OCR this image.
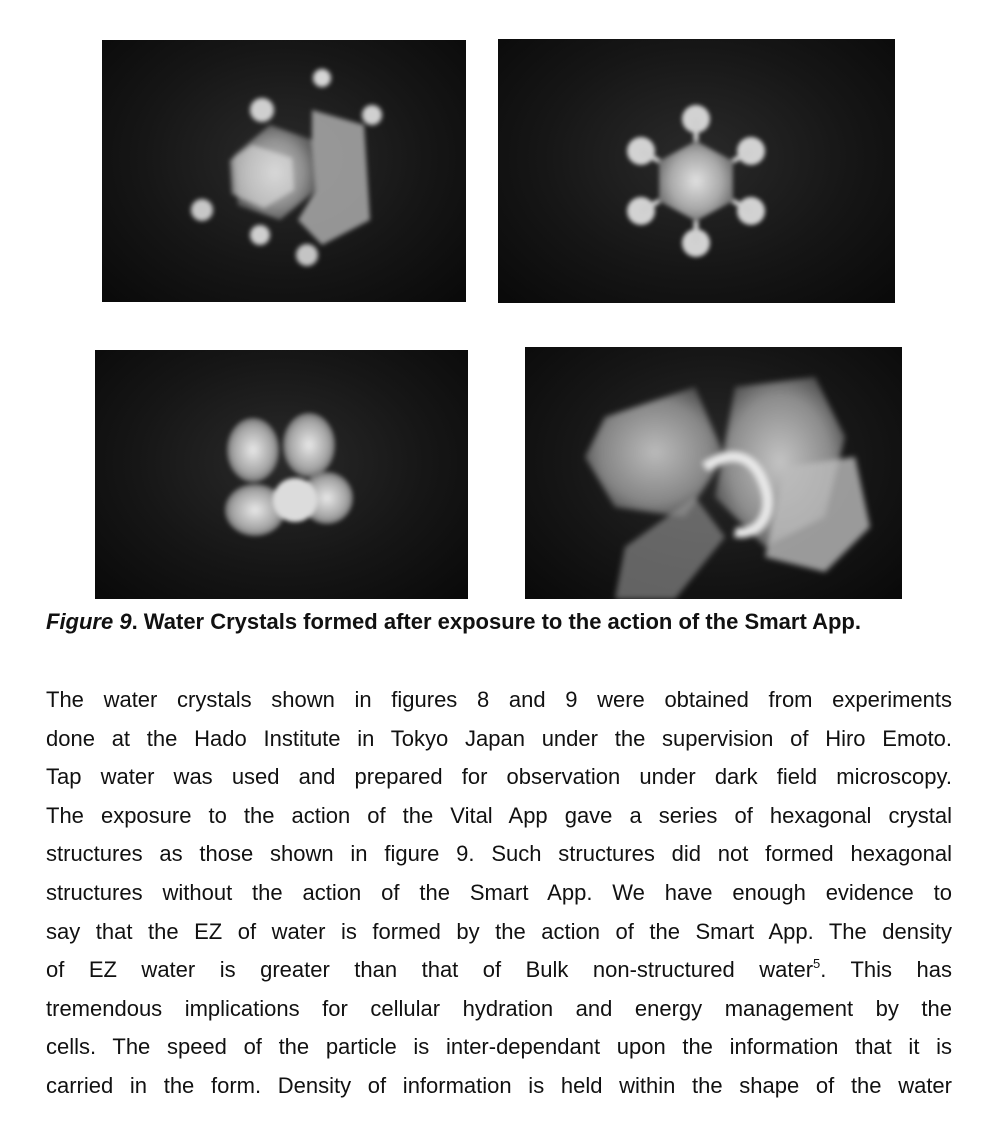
Figure 9. Water Crystals formed after exposure to the action of the Smart App.
The water crystals shown in figures 8 and 9 were obtained from experiments
done at the Hado Institute in Tokyo Japan under the supervision of Hiro Emoto.
Tap water was used and prepared for observation under dark field microscopy.
The exposure to the action of the Vital App gave a series of hexagonal crystal
structures as those shown in figure 9. Such structures did not formed hexagonal
structures without the action of the Smart App. We have enough evidence to
say that the EZ of water is formed by the action of the Smart App. The density
of EZ water is greater than that of Bulk non-structured water$^5$. This has
tremendous implications for cellular hydration and energy management by the
cells. The speed of the particle is inter-dependant upon the information that it is
carried in the form. Density of information is held within the shape of the water
